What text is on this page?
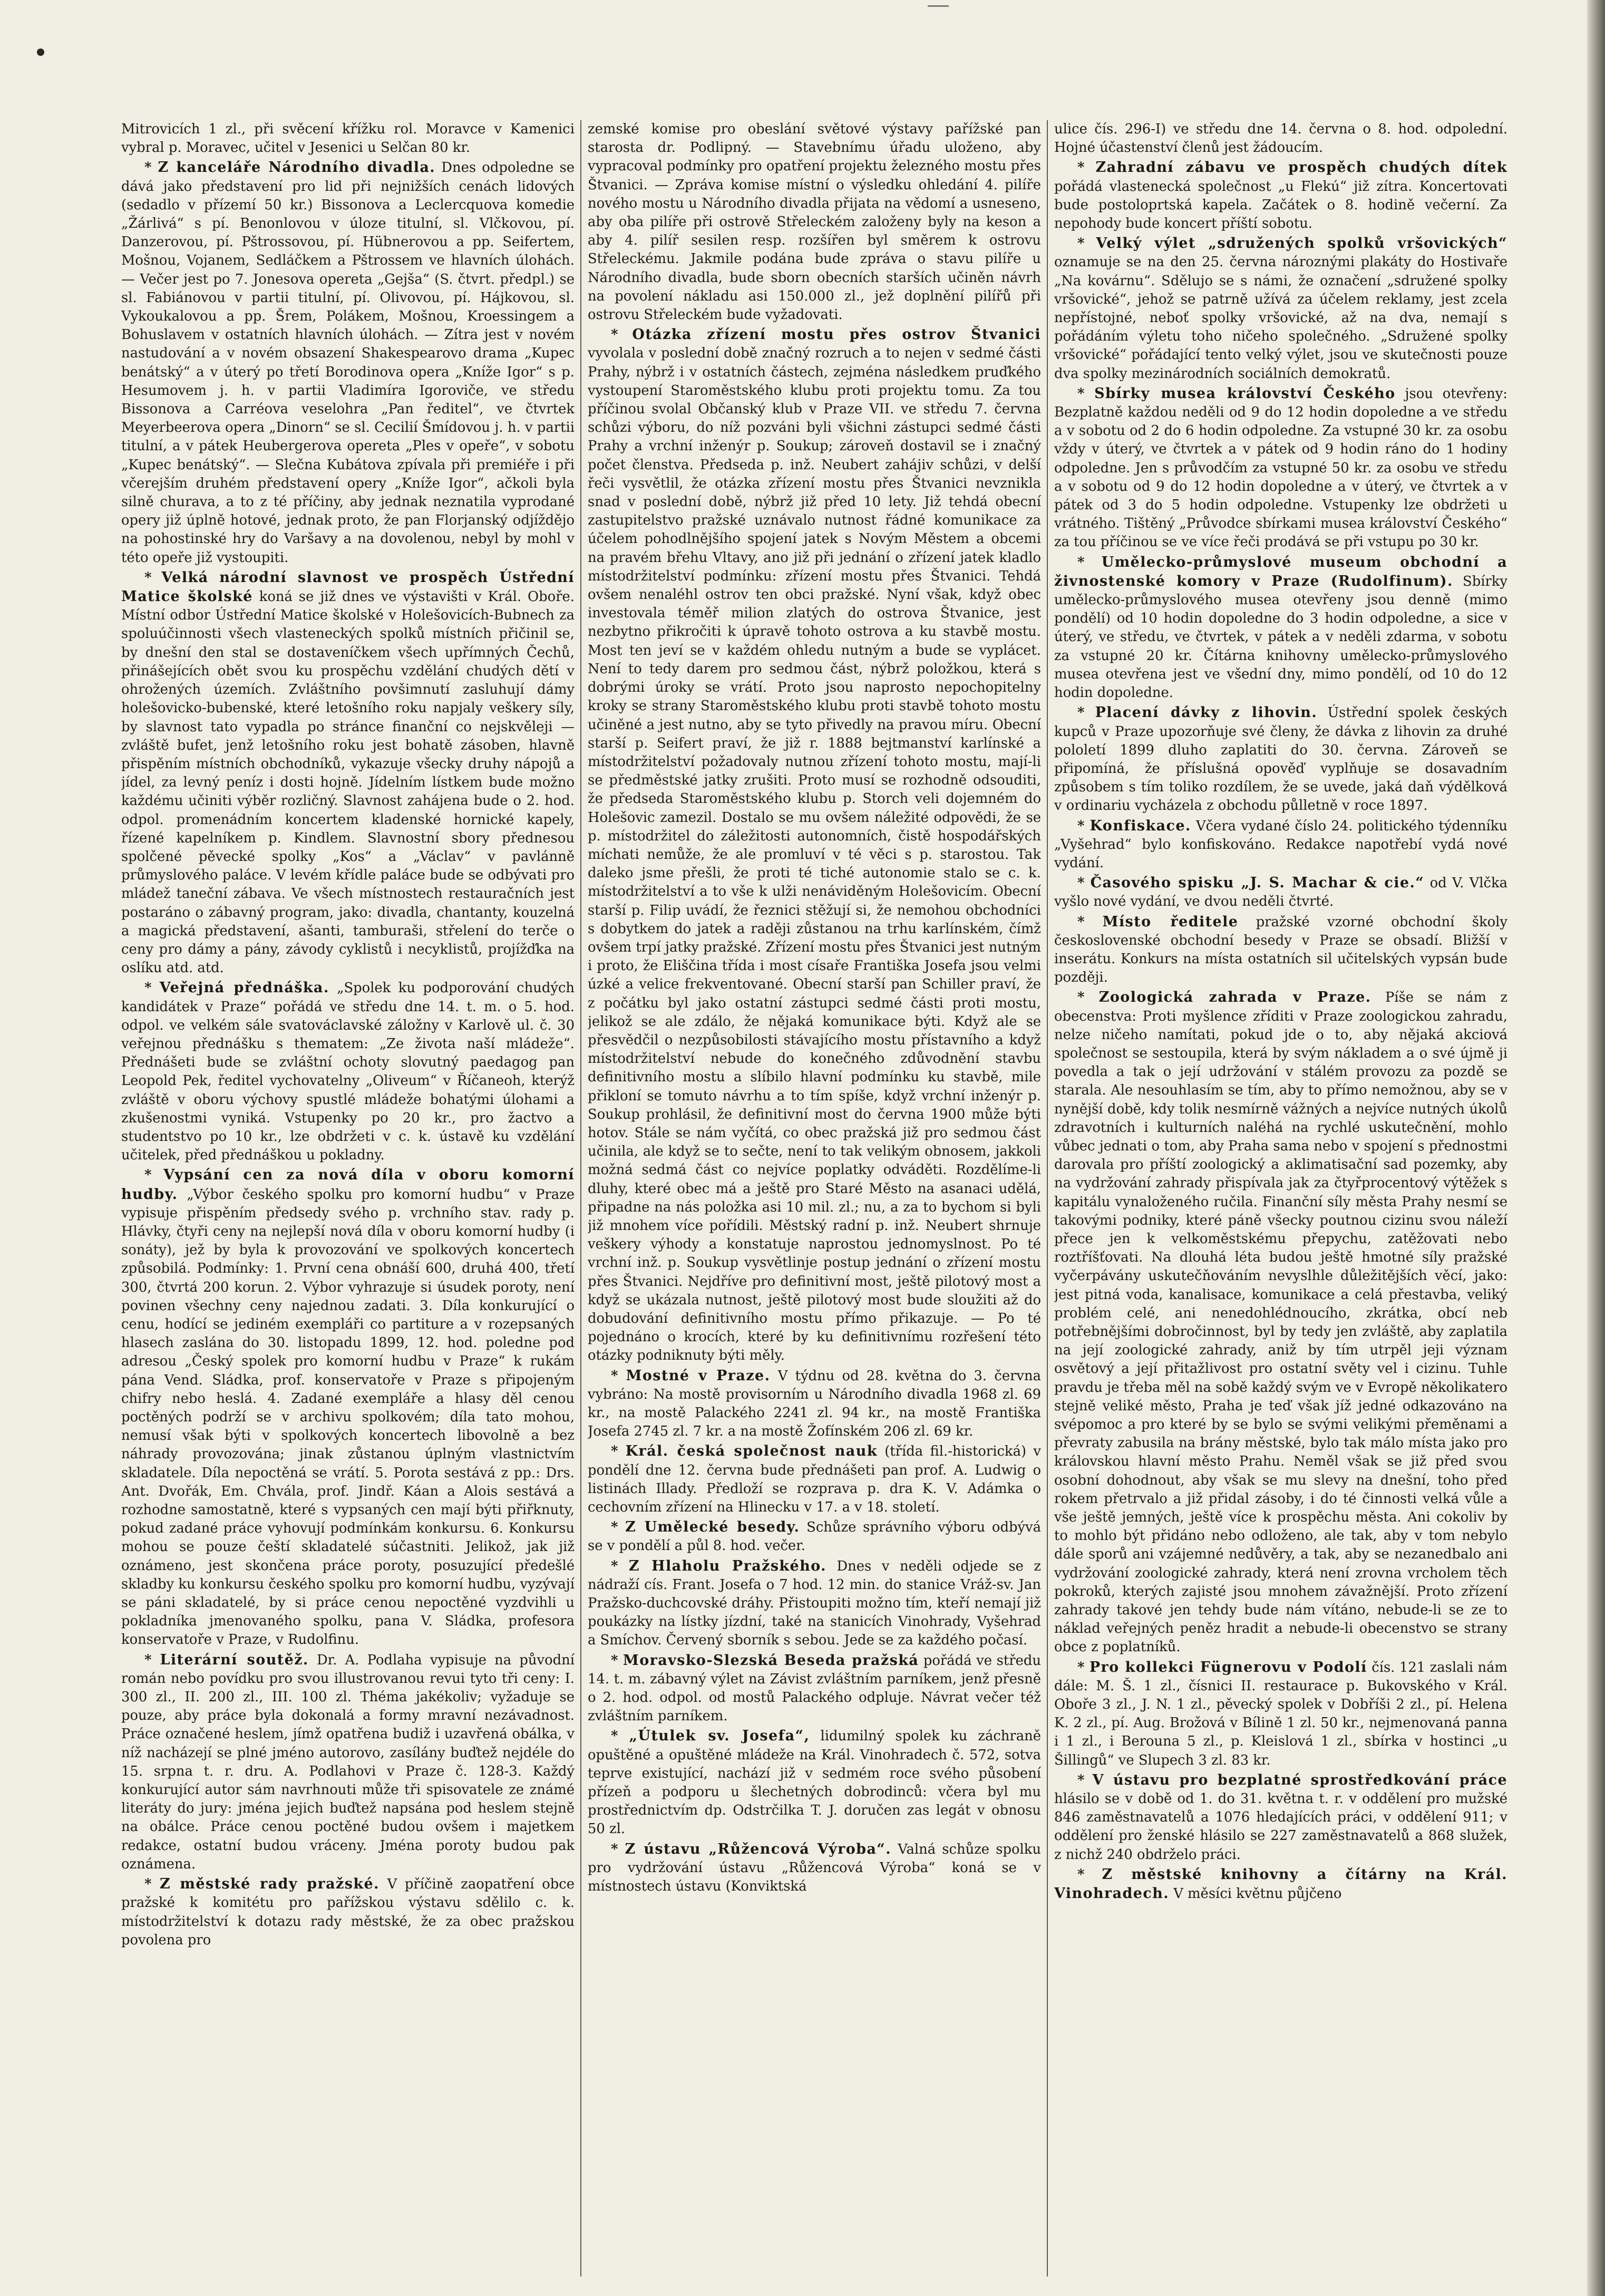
Mitrovicích 1 zl., při svěcení křížku rol. Moravce v Kamenici vybral p. Moravec, učitel v Jesenici u Selčan 80 kr.

* Z kanceláře Národního divadla. Dnes odpoledne se dává jako představení pro lid při nejnižších cenách lidových (sedadlo v přízemí 50 kr.) Bissonova a Leclercquova komedie „Žárlivá“ s pí. Benonlovou v úloze titulní, sl. Vlčkovou, pí. Danzerovou, pí. Pštrossovou, pí. Hübnerovou a pp. Seifertem, Mošnou, Vojanem, Sedláčkem a Pštrossem ve hlavních úlohách. — Večer jest po 7. Jonesova opereta „Gejša“ (S. čtvrt. předpl.) se sl. Fabiánovou v partii titulní, pí. Olivovou, pí. Hájkovou, sl. Vykoukalovou a pp. Šrem, Polákem, Mošnou, Kroessingem a Bohuslavem v ostatních hlavních úlohách. — Zítra jest v novém nastudování a v novém obsazení Shakespearovo drama „Kupec benátský“ a v úterý po třetí Borodinova opera „Kníže Igor“ s p. Hesumovem j. h. v partii Vladimíra Igoroviče, ve středu Bissonova a Carréova veselohra „Pan ředitel“, ve čtvrtek Meyerbeerova opera „Dinorn“ se sl. Cecilií Šmídovou j. h. v partii titulní, a v pátek Heubergerova opereta „Ples v opeře“, v sobotu „Kupec benátský“. — Slečna Kubátova zpívala při premiéře i při včerejším druhém představení opery „Kníže Igor“, ačkoli byla silně churava, a to z té příčiny, aby jednak neznatila vyprodané opery již úplně hotové, jednak proto, že pan Florjanský odjíždějo na pohostinské hry do Varšavy a na dovolenou, nebyl by mohl v této opeře již vystoupiti.

* Velká národní slavnost ve prospěch Ústřední Matice školské koná se již dnes ve výstavišti v Král. Oboře. Místní odbor Ústřední Matice školské v Holešovicích-Bubnech za spoluúčinnosti všech vlasteneckých spolků místních přičinil se, by dnešní den stal se dostaveníčkem všech upřímných Čechů, přinášejících obět svou ku prospěchu vzdělání chudých dětí v ohrožených územích. Zvláštního povšimnutí zasluhují dámy holešovicko-bubenské, které letošního roku napjaly veškery síly, by slavnost tato vypadla po stránce finanční co nejskvěleji — zvláště bufet, jenž letošního roku jest bohatě zásoben, hlavně přispěním místních obchodníků, vykazuje všecky druhy nápojů a jídel, za levný peníz i dosti hojně. Jídelním lístkem bude možno každému učiniti výběr rozličný. Slavnost zahájena bude o 2. hod. odpol. promenádním koncertem kladenské hornické kapely, řízené kapelníkem p. Kindlem. Slavnostní sbory přednesou spolčené pěvecké spolky „Kos“ a „Václav“ v pavlánně průmyslového paláce. V levém křídle paláce bude se odbývati pro mládež taneční zábava. Ve všech místnostech restauračních jest postaráno o zábavný program, jako: divadla, chantanty, kouzelná a magická představení, ašanti, tamburaši, střelení do terče o ceny pro dámy a pány, závody cyklistů i necyklistů, projížďka na oslíku atd. atd.

* Veřejná přednáška. „Spolek ku podporování chudých kandidátek v Praze“ pořádá ve středu dne 14. t. m. o 5. hod. odpol. ve velkém sále svatováclavské záložny v Karlově ul. č. 30 veřejnou přednášku s thematem: „Ze života naší mládeže“. Přednášeti bude se zvláštní ochoty slovutný paedagog pan Leopold Pek, ředitel vychovatelny „Oliveum“ v Říčaneoh, kterýž zvláště v oboru výchovy spustlé mládeže bohatými úlohami a zkušenostmi vyniká. Vstupenky po 20 kr., pro žactvo a studentstvo po 10 kr., lze obdržeti v c. k. ústavě ku vzdělání učitelek, před přednáškou u pokladny.

* Vypsání cen za nová díla v oboru komorní hudby. „Výbor českého spolku pro komorní hudbu“ v Praze vypisuje přispěním předsedy svého p. vrchního stav. rady p. Hlávky, čtyři ceny na nejlepší nová díla v oboru komorní hudby (i sonáty), jež by byla k provozování ve spolkových koncertech způsobilá. Podmínky: 1. První cena obnáší 600, druhá 400, třetí 300, čtvrtá 200 korun. 2. Výbor vyhrazuje si úsudek poroty, není povinen všechny ceny najednou zadati. 3. Díla konkurující o cenu, hodící se jediném exempláři co partiture a v rozepsaných hlasech zaslána do 30. listopadu 1899, 12. hod. poledne pod adresou „Český spolek pro komorní hudbu v Praze“ k rukám pána Vend. Sládka, prof. konservatoře v Praze s připojeným chifry nebo heslá. 4. Zadané exempláře a hlasy děl cenou poctěných podrží se v archivu spolkovém; díla tato mohou, nemusí však býti v spolkových koncertech libovolně a bez náhrady provozována; jinak zůstanou úplným vlastnictvím skladatele. Díla nepoctěná se vrátí. 5. Porota sestává z pp.: Drs. Ant. Dvořák, Em. Chvála, prof. Jindř. Káan a Alois sestává a rozhodne samostatně, které s vypsaných cen mají býti přiřknuty, pokud zadané práce vyhovují podmínkám konkursu. 6. Konkursu mohou se pouze čeští skladatelé súčastniti. Jelikož, jak již oznámeno, jest skončena práce poroty, posuzující předešlé skladby ku konkursu českého spolku pro komorní hudbu, vyzývají se páni skladatelé, by si práce cenou nepoctěné vyzdvihli u pokladníka jmenovaného spolku, pana V. Sládka, profesora konservatoře v Praze, v Rudolfinu.

* Literární soutěž. Dr. A. Podlaha vypisuje na původní román nebo povídku pro svou illustrovanou revui tyto tři ceny: I. 300 zl., II. 200 zl., III. 100 zl. Théma jakékoliv; vyžaduje se pouze, aby práce byla dokonalá a formy mravní nezávadnost. Práce označené heslem, jímž opatřena budiž i uzavřená obálka, v níž nacházejí se plné jméno autorovo, zasílány buďtež nejdéle do 15. srpna t. r. dru. A. Podlahovi v Praze č. 128-3. Každý konkurující autor sám navrhnouti může tři spisovatele ze známé literáty do jury: jména jejich buďtež napsána pod heslem stejně na obálce. Práce cenou poctěné budou ovšem i majetkem redakce, ostatní budou vráceny. Jména poroty budou pak oznámena.

* Z městské rady pražské. V příčině zaopatření obce pražské k komitétu pro pařížskou výstavu sdělilo c. k. místodržitelství k dotazu rady městské, že za obec pražskou povolena pro

zemské komise pro obeslání světové výstavy pařížské pan starosta dr. Podlipný. — Stavebnímu úřadu uloženo, aby vypracoval podmínky pro opatření projektu železného mostu přes Štvanici. — Zpráva komise místní o výsledku ohledání 4. pilíře nového mostu u Národního divadla přijata na vědomí a usneseno, aby oba pilíře při ostrově Střeleckém založeny byly na keson a aby 4. pilíř sesilen resp. rozšířen byl směrem k ostrovu Střeleckému. Jakmile podána bude zpráva o stavu pilíře u Národního divadla, bude sborn obecních starších učiněn návrh na povolení nákladu asi 150.000 zl., jež doplnění pilířů při ostrovu Střeleckém bude vyžadovati.

* Otázka zřízení mostu přes ostrov Štvanici vyvolala v poslední době značný rozruch a to nejen v sedmé části Prahy, nýbrž i v ostatních částech, zejména následkem pruďkého vystoupení Staroměstského klubu proti projektu tomu. Za tou příčinou svolal Občanský klub v Praze VII. ve středu 7. června schůzi výboru, do níž pozváni byli všichni zástupci sedmé části Prahy a vrchní inženýr p. Soukup; zároveň dostavil se i značný počet členstva. Předseda p. inž. Neubert zahájiv schůzi, v delší řeči vysvětlil, že otázka zřízení mostu přes Štvanici nevznikla snad v poslední době, nýbrž již před 10 lety. Již tehdá obecní zastupitelstvo pražské uznávalo nutnost řádné komunikace za účelem pohodlnějšího spojení jatek s Novým Městem a obcemi na pravém břehu Vltavy, ano již při jednání o zřízení jatek kladlo místodržitelství podmínku: zřízení mostu přes Štvanici. Tehdá ovšem nenaléhl ostrov ten obci pražské. Nyní však, když obec investovala téměř milion zlatých do ostrova Štvanice, jest nezbytno přikročiti k úpravě tohoto ostrova a ku stavbě mostu. Most ten jeví se v každém ohledu nutným a bude se vyplácet. Není to tedy darem pro sedmou část, nýbrž položkou, která s dobrými úroky se vrátí. Proto jsou naprosto nepochopitelny kroky se strany Staroměstského klubu proti stavbě tohoto mostu učiněné a jest nutno, aby se tyto přivedly na pravou míru. Obecní starší p. Seifert praví, že již r. 1888 bejtmanství karlínské a místodržitelství požadovaly nutnou zřízení tohoto mostu, mají-li se předměstské jatky zrušiti. Proto musí se rozhodně odsouditi, že předseda Staroměstského klubu p. Storch veli dojemném do Holešovic zamezil. Dostalo se mu ovšem náležité odpovědi, že se p. místodržitel do záležitosti autonomních, čistě hospodářských míchati nemůže, že ale promluví v té věci s p. starostou. Tak daleko jsme přešli, že proti té tiché autonomie stalo se c. k. místodržitelství a to vše k ulži nenáviděným Holešovicím. Obecní starší p. Filip uvádí, že řeznici stěžují si, že nemohou obchodníci s dobytkem do jatek a raději zůstanou na trhu karlínském, čímž ovšem trpí jatky pražské. Zřízení mostu přes Štvanici jest nutným i proto, že Eliščina třída i most císaře Františka Josefa jsou velmi úzké a velice frekventované. Obecní starší pan Schiller praví, že z počátku byl jako ostatní zástupci sedmé části proti mostu, jelikož se ale zdálo, že nějaká komunikace býti. Když ale se přesvědčil o nezpůsobilosti stávajícího mostu přístavního a když místodržitelství nebude do konečného zdůvodnění stavbu definitivního mostu a slíbilo hlavní podmínku ku stavbě, mile přikloní se tomuto návrhu a to tím spíše, když vrchní inženýr p. Soukup prohlásil, že definitivní most do června 1900 může býti hotov. Stále se nám vyčítá, co obec pražská již pro sedmou část učinila, ale když se to sečte, není to tak velikým obnosem, jakkoli možná sedmá část co nejvíce poplatky odváděti. Rozdělíme-li dluhy, které obec má a ještě pro Staré Město na asanaci udělá, připadne na nás položka asi 10 mil. zl.; nu, a za to bychom si byli již mnohem více pořídili. Městský radní p. inž. Neubert shrnuje veškery výhody a konstatuje naprostou jednomyslnost. Po té vrchní inž. p. Soukup vysvětlinje postup jednání o zřízení mostu přes Štvanici. Nejdříve pro definitivní most, ještě pilotový most a když se ukázala nutnost, ještě pilotový most bude sloužiti až do dobudování definitivního mostu přímo přikazuje. — Po té pojednáno o krocích, které by ku definitivnímu rozřešení této otázky podniknuty býti měly.

* Mostné v Praze. V týdnu od 28. května do 3. června vybráno: Na mostě provisorním u Národního divadla 1968 zl. 69 kr., na mostě Palackého 2241 zl. 94 kr., na mostě Františka Josefa 2745 zl. 7 kr. a na mostě Žofínském 206 zl. 69 kr.

* Král. česká společnost nauk (třída fil.-historická) v pondělí dne 12. června bude přednášeti pan prof. A. Ludwig o listinách Illady. Předloží se rozprava p. dra K. V. Adámka o cechovním zřízení na Hlinecku v 17. a v 18. století.

* Z Umělecké besedy. Schůze správního výboru odbývá se v pondělí a půl 8. hod. večer.

* Z Hlaholu Pražského. Dnes v neděli odjede se z nádraží cís. Frant. Josefa o 7 hod. 12 min. do stanice Vráž-sv. Jan Pražsko-duchcovské dráhy. Přistoupiti možno tím, kteří nemají již poukázky na lístky jízdní, také na stanicích Vinohrady, Vyšehrad a Smíchov. Červený sborník s sebou. Jede se za každého počasí.

* Moravsko-Slezská Beseda pražská pořádá ve středu 14. t. m. zábavný výlet na Závist zvláštním parníkem, jenž přesně o 2. hod. odpol. od mostů Palackého odpluje. Návrat večer též zvláštním parníkem.

* „Útulek sv. Josefa“, lidumilný spolek ku záchraně opuštěné a opuštěné mládeže na Král. Vinohradech č. 572, sotva teprve existující, nachází již v sedmém roce svého působení přízeň a podporu u šlechetných dobrodinců: včera byl mu prostřednictvím dp. Odstrčilka T. J. doručen zas legát v obnosu 50 zl.

* Z ústavu „Růžencová Výroba“. Valná schůze spolku pro vydržování ústavu „Růžencová Výroba“ koná se v místnostech ústavu (Konviktská

ulice čís. 296-I) ve středu dne 14. června o 8. hod. odpolední. Hojné účastenství členů jest žádoucím.

* Zahradní zábavu ve prospěch chudých dítek pořádá vlastenecká společnost „u Flekú“ již zítra. Koncertovati bude postoloprtská kapela. Začátek o 8. hodině večerní. Za nepohody bude koncert příští sobotu.

* Velký výlet „sdružených spolků vršovických“ oznamuje se na den 25. června nároznými plakáty do Hostivaře „Na kovárnu“. Sdělujo se s námi, že označení „sdružené spolky vršovické“, jehož se patrně užívá za účelem reklamy, jest zcela nepřístojné, neboť spolky vršovické, až na dva, nemají s pořádáním výletu toho ničeho společného. „Sdružené spolky vršovické“ pořádající tento velký výlet, jsou ve skutečnosti pouze dva spolky mezinárodních sociálních demokratů.

* Sbírky musea království Českého jsou otevřeny: Bezplatně každou neděli od 9 do 12 hodin dopoledne a ve středu a v sobotu od 2 do 6 hodin odpoledne. Za vstupné 30 kr. za osobu vždy v úterý, ve čtvrtek a v pátek od 9 hodin ráno do 1 hodiny odpoledne. Jen s průvodčím za vstupné 50 kr. za osobu ve středu a v sobotu od 9 do 12 hodin dopoledne a v úterý, ve čtvrtek a v pátek od 3 do 5 hodin odpoledne. Vstupenky lze obdržeti u vrátného. Tištěný „Průvodce sbírkami musea království Českého“ za tou příčinou se ve více řeči prodává se při vstupu po 30 kr.

* Umělecko-průmyslové museum obchodní a živnostenské komory v Praze (Rudolfinum). Sbírky umělecko-průmyslového musea otevřeny jsou denně (mimo pondělí) od 10 hodin dopoledne do 3 hodin odpoledne, a sice v úterý, ve středu, ve čtvrtek, v pátek a v neděli zdarma, v sobotu za vstupné 20 kr. Čítárna knihovny umělecko-průmyslového musea otevřena jest ve všední dny, mimo pondělí, od 10 do 12 hodin dopoledne.

* Placení dávky z lihovin. Ústřední spolek českých kupců v Praze upozorňuje své členy, že dávka z lihovin za druhé pololetí 1899 dluho zaplatiti do 30. června. Zároveň se připomíná, že příslušná opověď vyplňuje se dosavadním způsobem s tím toliko rozdílem, že se uvede, jaká daň výdělková v ordinariu vycházela z obchodu půlletně v roce 1897.

* Konfiskace. Včera vydané číslo 24. politického týdenníku „Vyšehrad“ bylo konfiskováno. Redakce napotřebí vydá nové vydání.

* Časového spisku „J. S. Machar & cie.“ od V. Vlčka vyšlo nové vydání, ve dvou neděli čtvrté.

* Místo ředitele pražské vzorné obchodní školy československé obchodní besedy v Praze se obsadí. Bližší v inserátu. Konkurs na místa ostatních sil učitelských vypsán bude později.

* Zoologická zahrada v Praze. Píše se nám z obecenstva: Proti myšlence zříditi v Praze zoologickou zahradu, nelze ničeho namítati, pokud jde o to, aby nějaká akciová společnost se sestoupila, která by svým nákladem a o své újmě ji povedla a tak o její udržování v stálém provozu za pozdě se starala. Ale nesouhlasím se tím, aby to přímo nemožnou, aby se v nynější době, kdy tolik nesmírně vážných a nejvíce nutných úkolů zdravotních i kulturních naléhá na rychlé uskutečnění, mohlo vůbec jednati o tom, aby Praha sama nebo v spojení s přednostmi darovala pro příští zoologický a aklimatisační sad pozemky, aby na vydržování zahrady přispívala jak za čtyřprocentový výtěžek s kapitálu vynaloženého ručila. Finanční síly města Prahy nesmí se takovými podniky, které páně všecky poutnou cizinu svou náleží přece jen k velkoměstskému přepychu, zatěžovati nebo roztříšťovati. Na dlouhá léta budou ještě hmotné síly pražské vyčerpávány uskutečňováním nevyslhle důležitějších věcí, jako: jest pitná voda, kanalisace, komunikace a celá přestavba, veliký problém celé, ani nenedohlédnoucího, zkrátka, obcí neb potřebnějšími dobročinnost, byl by tedy jen zvláště, aby zaplatila na její zoologické zahrady, aniž by tím utrpěl jeji význam osvětový a její přitažlivost pro ostatní světy vel i cizinu. Tuhle pravdu je třeba měl na sobě každý svým ve v Evropě několikatero stejně veliké město, Praha je teď však jíž jedné odkazováno na svépomoc a pro které by se bylo se svými velikými přeměnami a převraty zabusila na brány městské, bylo tak málo místa jako pro královskou hlavní město Prahu. Neměl však se již před svou osobní dohodnout, aby však se mu slevy na dnešní, toho před rokem přetrvalo a již přidal zásoby, i do té činnosti velká vůle a vše ještě jemných, ještě více k prospěchu města. Ani cokoliv by to mohlo být přidáno nebo odloženo, ale tak, aby v tom nebylo dále sporů ani vzájemné nedůvěry, a tak, aby se nezanedbalo ani vydržování zoologické zahrady, která není zrovna vrcholem těch pokroků, kterých zajisté jsou mnohem závažnější. Proto zřízení zahrady takové jen tehdy bude nám vítáno, nebude-li se ze to náklad veřejných peněz hradit a nebude-li obecenstvo se strany obce z poplatníků.

* Pro kollekci Fügnerovu v Podolí čís. 121 zaslali nám dále: M. Š. 1 zl., čísnici II. restaurace p. Bukovského v Král. Oboře 3 zl., J. N. 1 zl., pěvecký spolek v Dobříši 2 zl., pí. Helena K. 2 zl., pí. Aug. Brožová v Bílině 1 zl. 50 kr., nejmenovaná panna i 1 zl., i Berouna 5 zl., p. Kleislová 1 zl., sbírka v hostinci „u Šillingů“ ve Slupech 3 zl. 83 kr.

* V ústavu pro bezplatné sprostředkování práce hlásilo se v době od 1. do 31. května t. r. v oddělení pro mužské 846 zaměstnavatelů a 1076 hledajících práci, v oddělení 911; v oddělení pro ženské hlásilo se 227 zaměstnavatelů a 868 služek, z nichž 240 obdrželo práci.

* Z městské knihovny a čítárny na Král. Vinohradech. V měsíci květnu půjčeno
